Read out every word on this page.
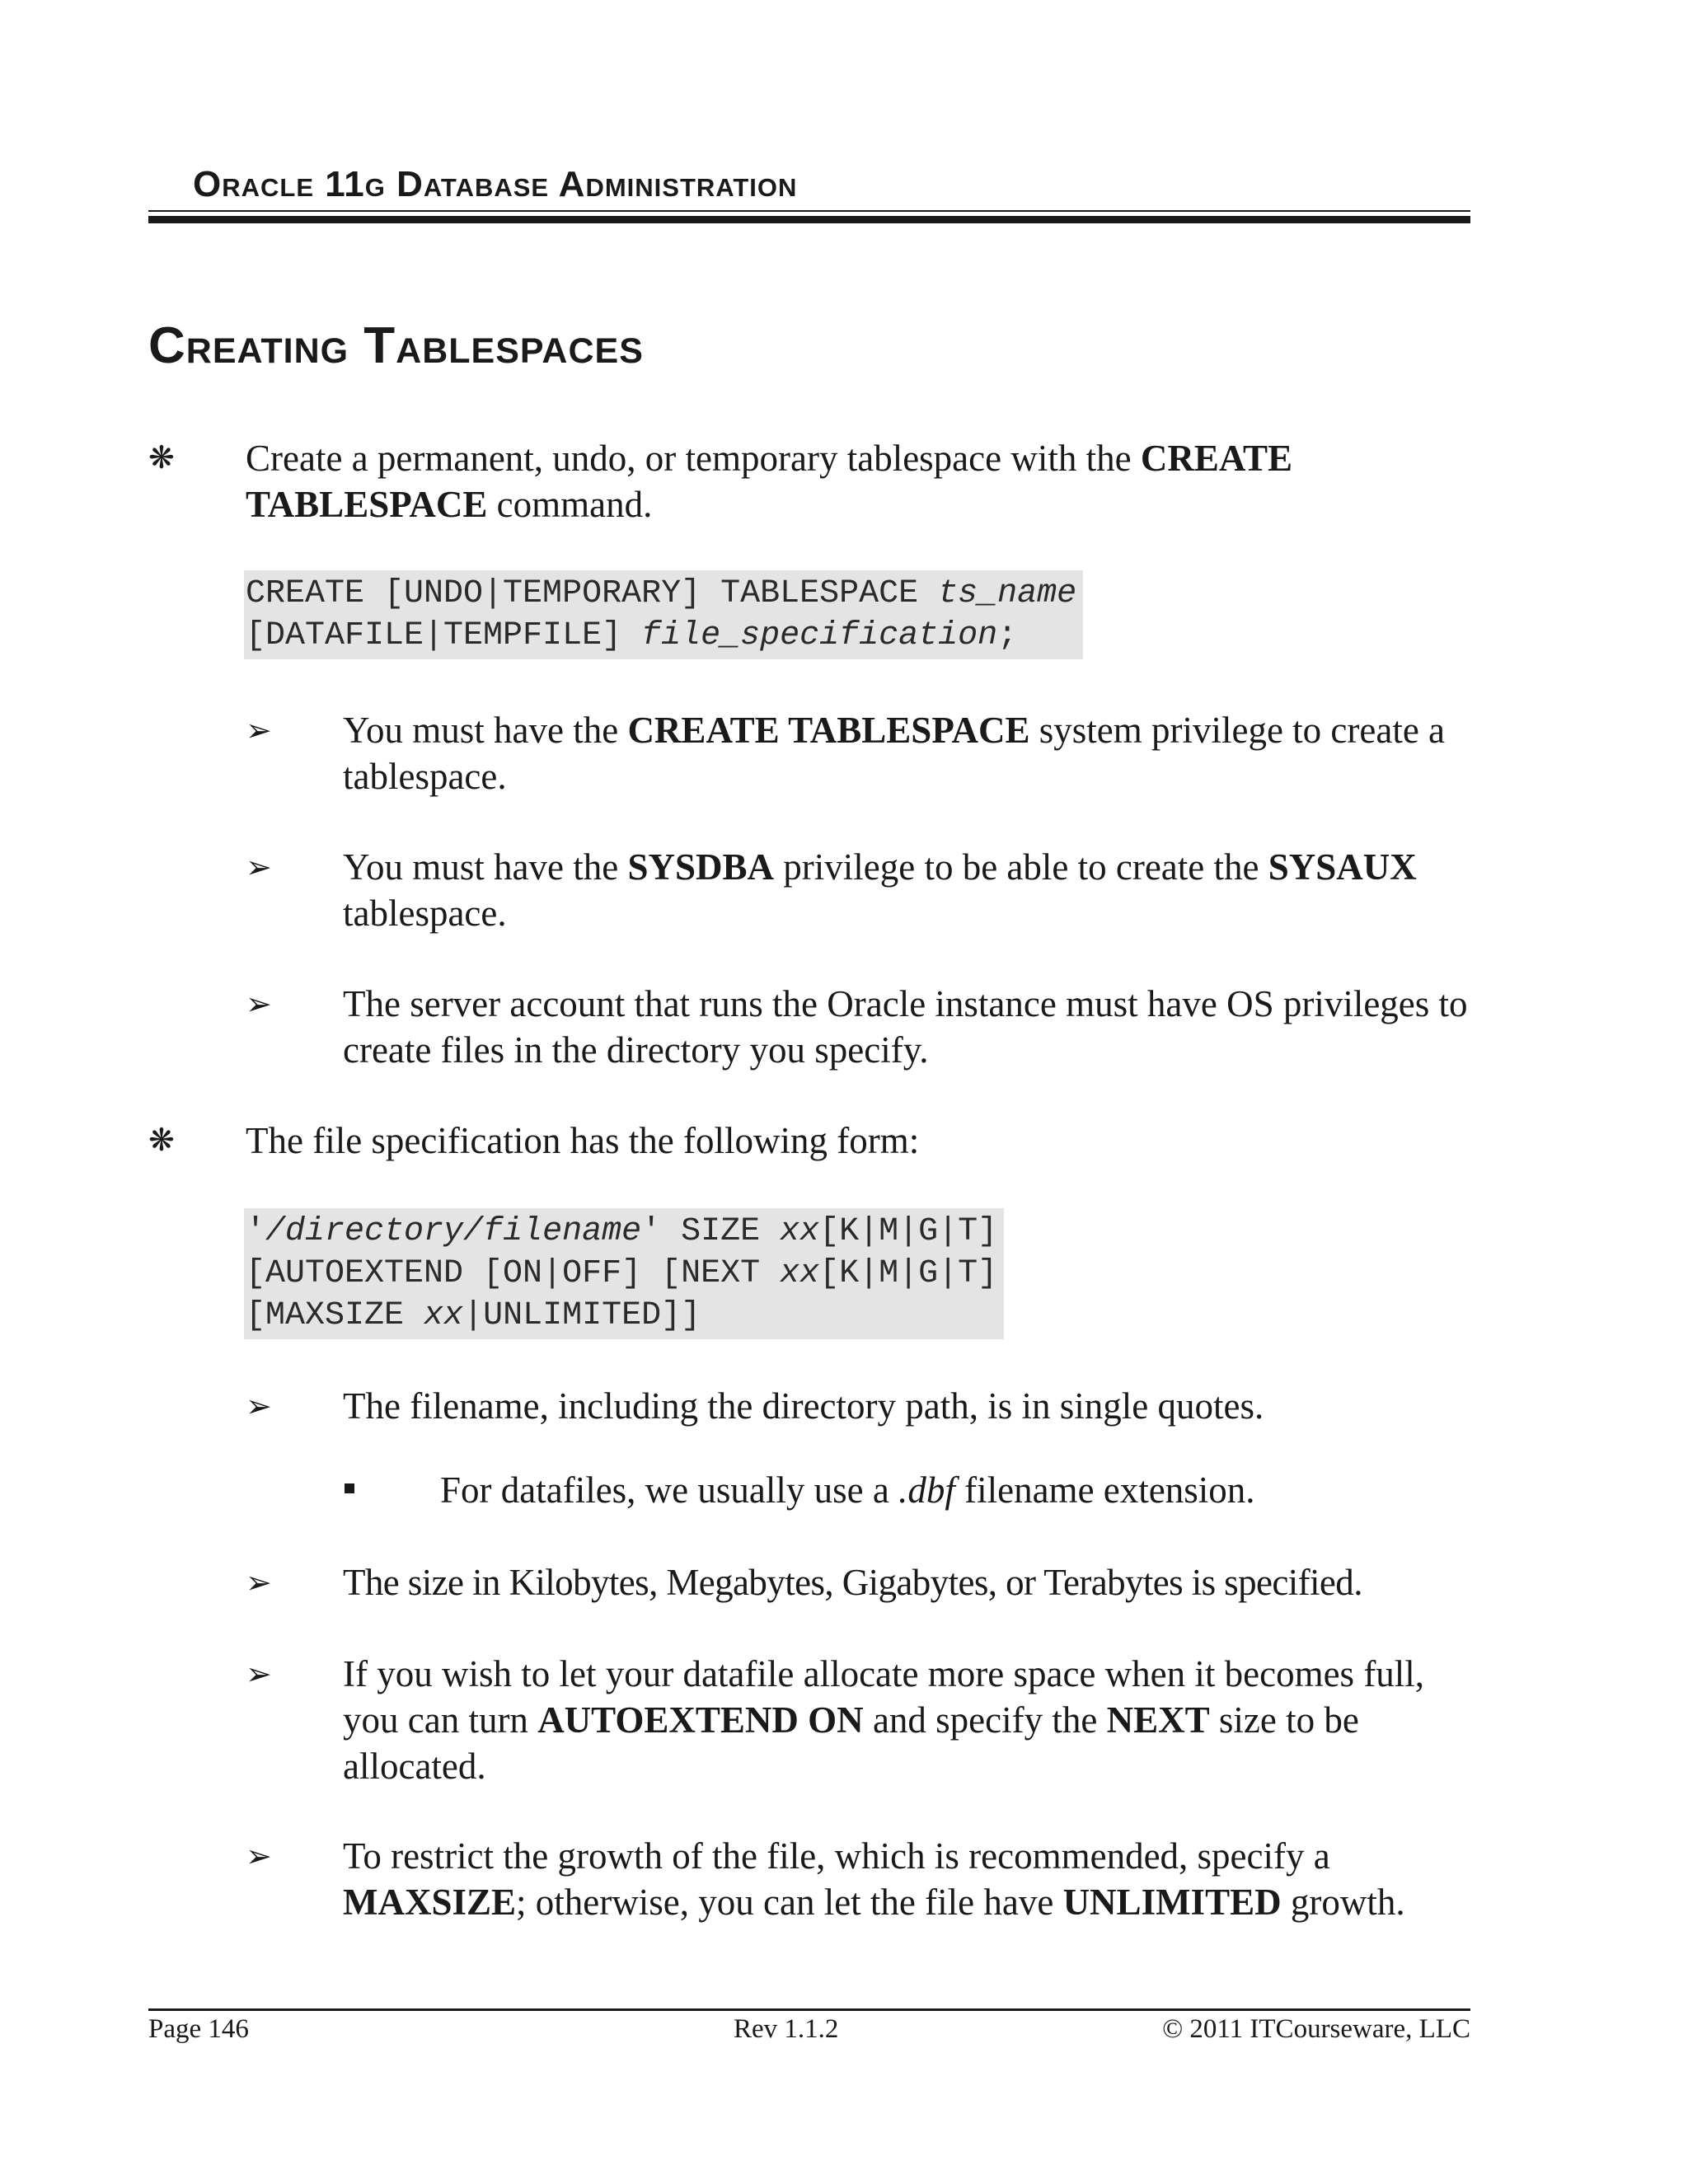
Oracle 11g Database Administration
Creating Tablespaces
❋	Create a permanent, undo, or temporary tablespace with the CREATE TABLESPACE command.

CREATE [UNDO|TEMPORARY] TABLESPACE ts_name
[DATAFILE|TEMPFILE] file_specification;
➢	You must have the CREATE TABLESPACE system privilege to create a tablespace.

➢	You must have the SYSDBA privilege to be able to create the SYSAUX tablespace.

➢	The server account that runs the Oracle instance must have OS privileges to create files in the directory you specify.

❋	The file specification has the following form:

'/directory/filename' SIZE xx[K|M|G|T]
[AUTOEXTEND [ON|OFF] [NEXT xx[K|M|G|T]
[MAXSIZE xx|UNLIMITED]]
➢	The filename, including the directory path, is in single quotes.

For datafiles, we usually use a .dbf filename extension.

➢	The size in Kilobytes, Megabytes, Gigabytes, or Terabytes is specified.

➢	If you wish to let your datafile allocate more space when it becomes full, you can turn AUTOEXTEND ON and specify the NEXT size to be allocated.

➢	To restrict the growth of the file, which is recommended, specify a MAXSIZE; otherwise, you can let the file have UNLIMITED growth.

Page 146	Rev 1.1.2	© 2011 ITCourseware, LLC
